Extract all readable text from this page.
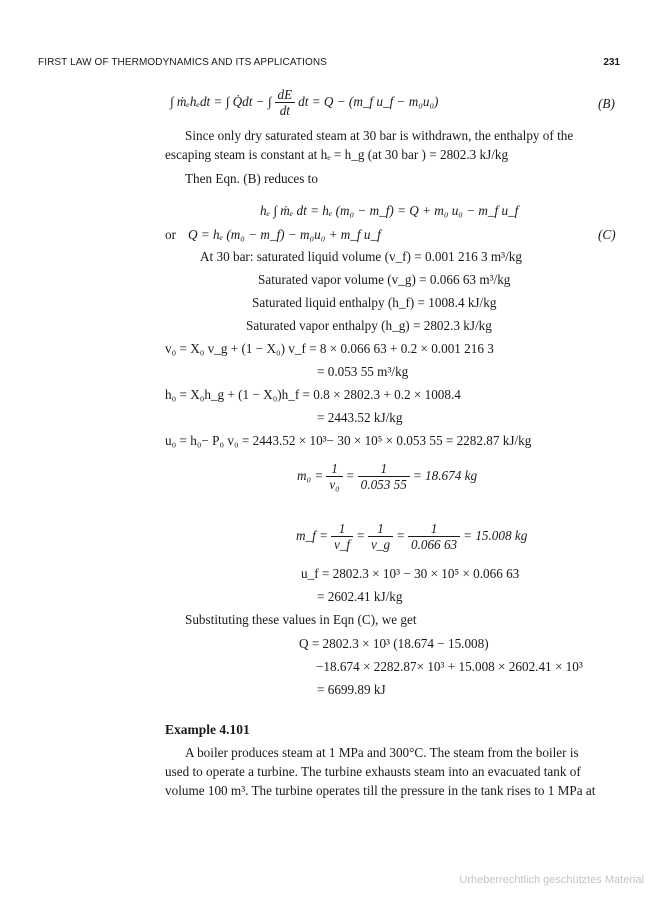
FIRST LAW OF THERMODYNAMICS AND ITS APPLICATIONS	231
∫ ṁₑhₑdt = ∫ Q̇dt − ∫ $\frac{dE}{dt}$ dt = Q − (m_f u_f − m₀u₀)	(B)
Since only dry saturated steam at 30 bar is withdrawn, the enthalpy of the
escaping steam is constant at hₑ = h_g (at 30 bar ) = 2802.3 kJ/kg
Then Eqn. (B) reduces to
hₑ ∫ ṁₑ dt = hₑ (m₀ − m_f) = Q + m₀ u₀ − m_f u_f
or Q = hₑ (m₀ − m_f) − m₀u₀ + m_f u_f	(C)
At 30 bar: saturated liquid volume (v_f) = 0.001 216 3 m³/kg
Saturated vapor volume (v_g) = 0.066 63 m³/kg
Saturated liquid enthalpy (h_f) = 1008.4 kJ/kg
Saturated vapor enthalpy (h_g) = 2802.3 kJ/kg
v₀ = X₀ v_g + (1 − X₀) v_f = 8 × 0.066 63 + 0.2 × 0.001 216 3
= 0.053 55 m³/kg
h₀ = X₀h_g + (1 − X₀)h_f = 0.8 × 2802.3 + 0.2 × 1008.4
= 2443.52 kJ/kg
u₀ = h₀− P₀ v₀ = 2443.52 × 10³− 30 × 10⁵ × 0.053 55 = 2282.87 kJ/kg
$m_0 = \frac{1}{\text{v₀}} = \frac{1}{0.053 55} = 18.674$ kg
m_f = $\frac{1}{v\_f} = \frac{1}{v\_g} = \frac{1}{0.066 63} = 15.008$ kg
u_f = 2802.3 × 10³ − 30 × 10⁵ × 0.066 63
= 2602.41 kJ/kg
Substituting these values in Eqn (C), we get
Q = 2802.3 × 10³ (18.674 − 15.008)
−18.674 × 2282.87× 10³ + 15.008 × 2602.41 × 10³
= 6699.89 kJ
Example 4.101
A boiler produces steam at 1 MPa and 300°C. The steam from the boiler is
used to operate a turbine. The turbine exhausts steam into an evacuated tank of
volume 100 m³. The turbine operates till the pressure in the tank rises to 1 MPa at
Urheberrechtlich geschütztes Material
